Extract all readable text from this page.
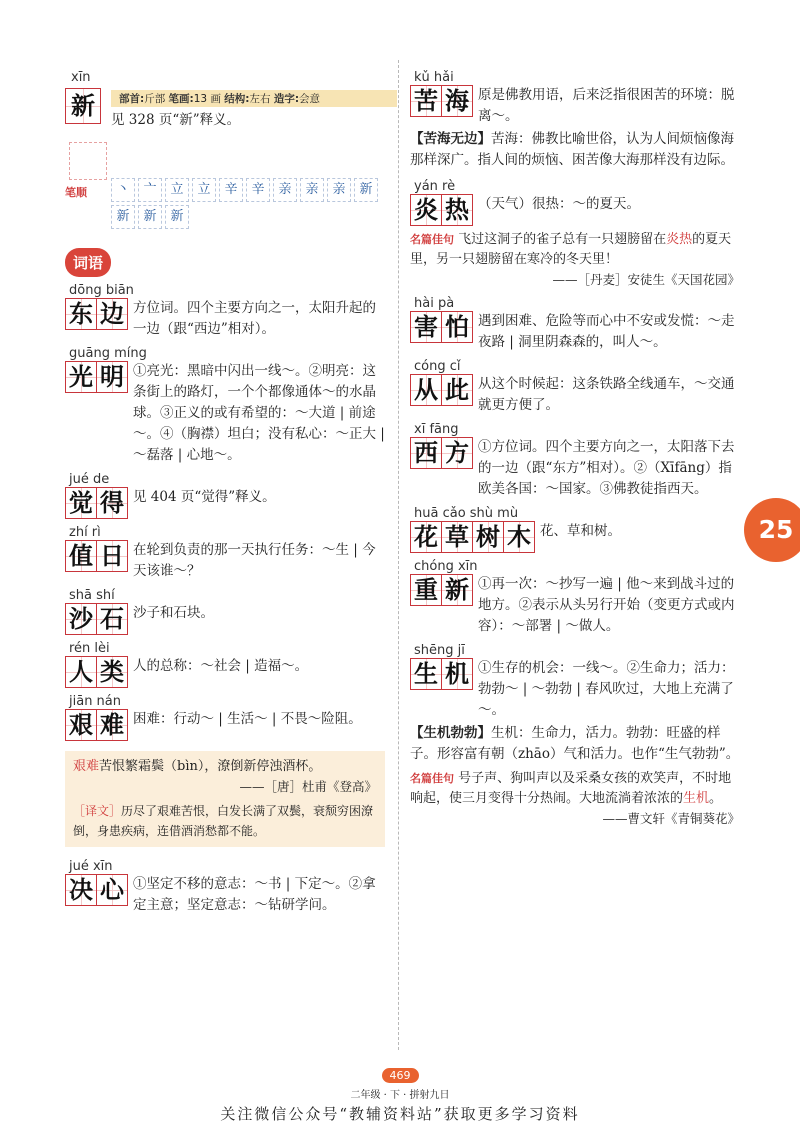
xīn
新	部首:斤部 笔画:13 画 结构:左右 造字:会意
见 328 页“新”释义。
笔顺	丶	亠	立	立	辛	辛	亲	亲	亲	新
新	新	新
词语
dōng biān
东 边 方位词。四个主要方向之一，太阳升起的一边（跟“西边”相对）。
guāng míng
光 明 ①亮光：黑暗中闪出一线～。②明亮：这条街上的路灯，一个个都像通体～的水晶球。③正义的或有希望的：～大道 | 前途～。④（胸襟）坦白；没有私心：～正大 | ～磊落 | 心地～。
jué de
觉 得 见 404 页“觉得”释义。
zhí rì
值 日 在轮到负责的那一天执行任务：～生 | 今天该谁～？
shā shí
沙 石 沙子和石块。
rén lèi
人 类 人的总称：～社会 | 造福～。
jiān nán
艰 难 困难：行动～ | 生活～ | 不畏～险阻。
艰难苦恨繁霜鬓（bìn），潦倒新停浊酒杯。
——［唐］杜甫《登高》
［译文］历尽了艰难苦恨，白发长满了双鬓，衰颓穷困潦倒，身患疾病，连借酒消愁都不能。
jué xīn
决 心 ①坚定不移的意志：～书 | 下定～。②拿定主意；坚定意志：～钻研学问。
kǔ hǎi
苦 海 原是佛教用语，后来泛指很困苦的环境：脱离～。
【苦海无边】苦海：佛教比喻世俗，认为人间烦恼像海那样深广。指人间的烦恼、困苦像大海那样没有边际。
yán rè
炎 热 （天气）很热：～的夏天。
名篇佳句 飞过这洞子的雀子总有一只翅膀留在炎热的夏天里，另一只翅膀留在寒冷的冬天里！
——［丹麦］安徒生《天国花园》
hài pà
害 怕 遇到困难、危险等而心中不安或发慌：～走夜路 | 洞里阴森森的，叫人～。
cóng cǐ
从 此 从这个时候起：这条铁路全线通车，～交通就更方便了。
xī fāng
西 方 ①方位词。四个主要方向之一，太阳落下去的一边（跟“东方”相对）。②（Xīfāng）指欧美各国：～国家。③佛教徒指西天。
huā cǎo shù mù
花 草 树 木 花、草和树。
chóng xīn
重 新 ①再一次：～抄写一遍 | 他～来到战斗过的地方。②表示从头另行开始（变更方式或内容）：～部署 | ～做人。
shēng jī
生 机 ①生存的机会：一线～。②生命力；活力：勃勃～ | ～勃勃 | 春风吹过，大地上充满了～。
【生机勃勃】生机：生命力，活力。勃勃：旺盛的样子。形容富有朝（zhāo）气和活力。也作“生气勃勃”。
名篇佳句 号子声、狗叫声以及采桑女孩的欢笑声，不时地响起，使三月变得十分热闹。大地流淌着浓浓的生机。
——曹文轩《青铜葵花》
25
469
二年级 · 下 · 拼射九日
关注微信公众号“教辅资料站”获取更多学习资料
